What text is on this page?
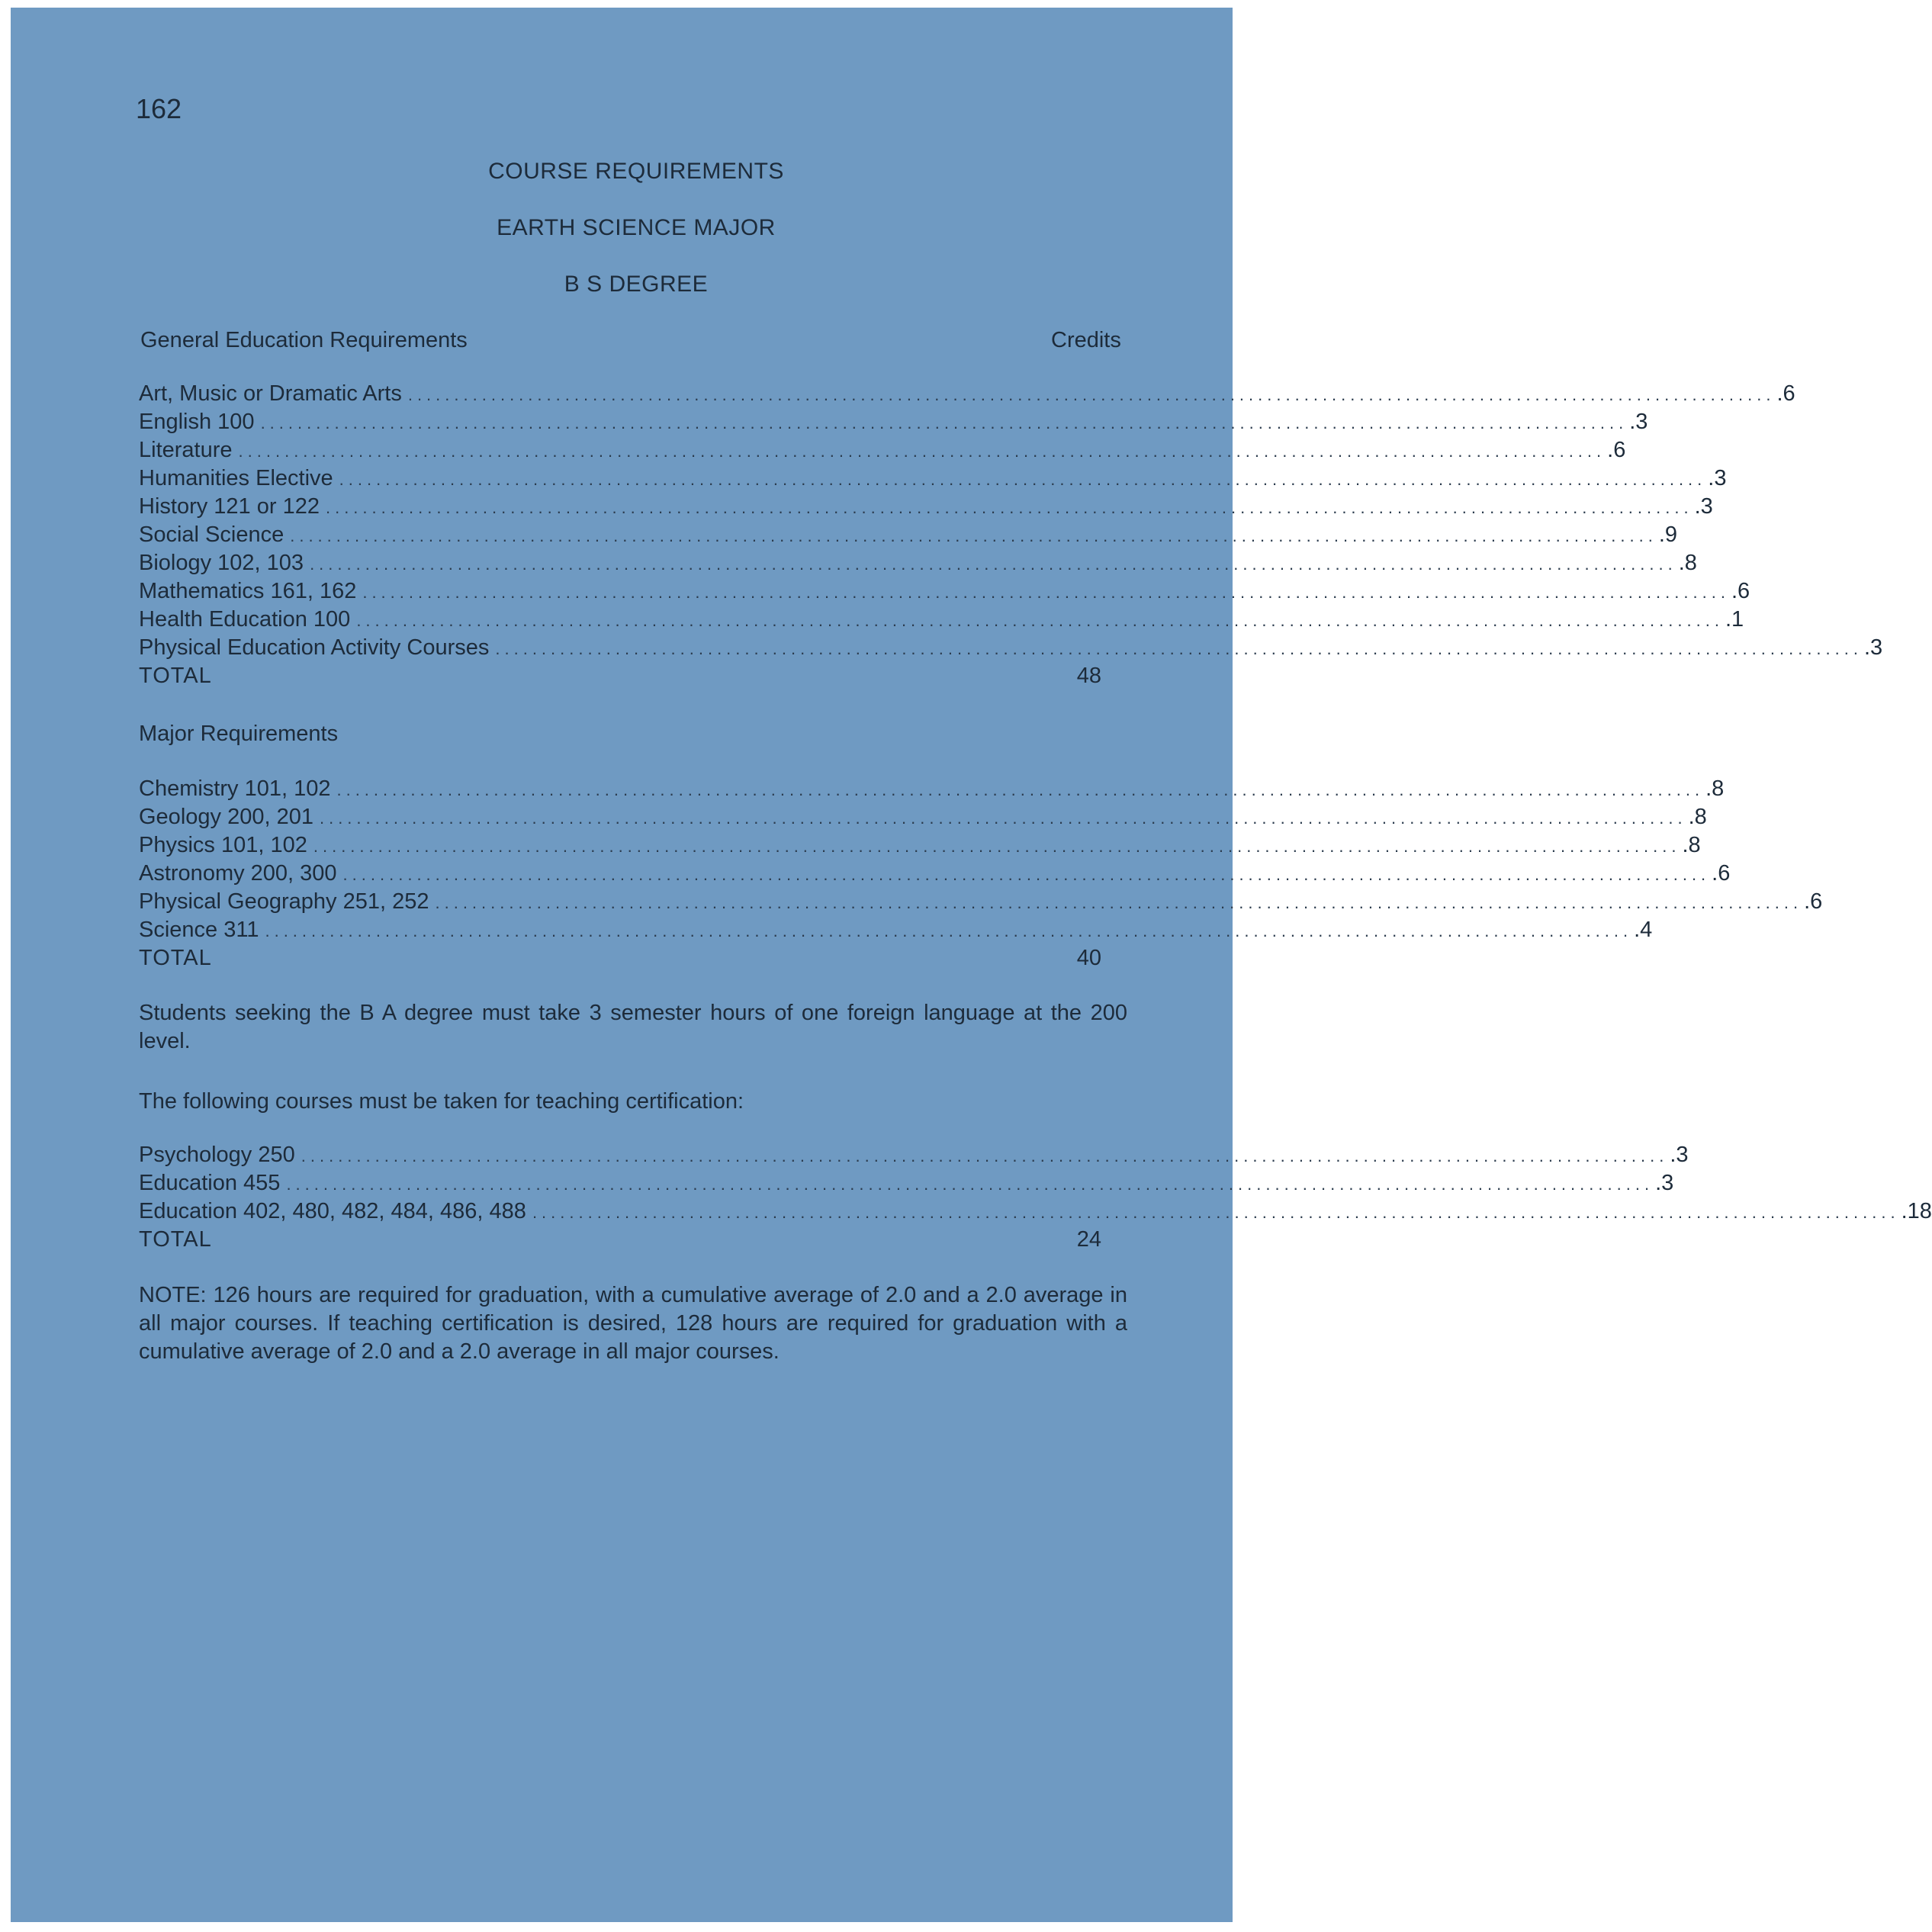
162
COURSE REQUIREMENTS
EARTH SCIENCE MAJOR
B S DEGREE
General Education Requirements	Credits
Art, Music or Dramatic Arts .................................................................................................................................................... .6
English 100 .................................................................................................................................................... .3
Literature .................................................................................................................................................... .6
Humanities Elective .................................................................................................................................................... .3
History 121 or 122 .................................................................................................................................................... .3
Social Science .................................................................................................................................................... .9
Biology 102, 103 .................................................................................................................................................... .8
Mathematics 161, 162 .................................................................................................................................................... .6
Health Education 100 .................................................................................................................................................... .1
Physical Education Activity Courses .................................................................................................................................................... .3
TOTAL	48
Major Requirements
Chemistry 101, 102 .................................................................................................................................................... .8
Geology 200, 201 .................................................................................................................................................... .8
Physics 101, 102 .................................................................................................................................................... .8
Astronomy 200, 300 .................................................................................................................................................... .6
Physical Geography 251, 252 .................................................................................................................................................... .6
Science 311 .................................................................................................................................................... .4
TOTAL	40
Students seeking the B A degree must take 3 semester hours of one foreign language at the 200 level.
The following courses must be taken for teaching certification:
Psychology 250 .................................................................................................................................................... .3
Education 455 .................................................................................................................................................... .3
Education 402, 480, 482, 484, 486, 488 .................................................................................................................................................... .18
TOTAL	24
NOTE: 126 hours are required for graduation, with a cumulative average of 2.0 and a 2.0 average in all major courses. If teaching certification is desired, 128 hours are required for graduation with a cumulative average of 2.0 and a 2.0 average in all major courses.
